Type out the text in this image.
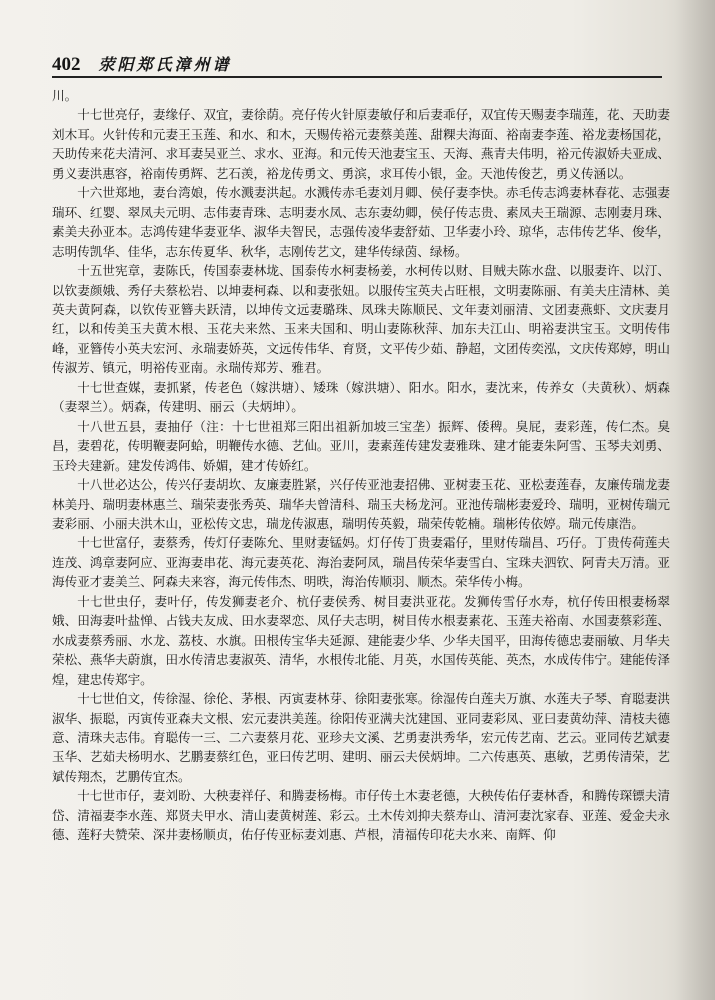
402 荥阳郑氏漳州谱

川。

十七世亮仔，妻缘仔、双宜，妻徐荫。亮仔传火针原妻敏仔和后妻乖仔，双宜传天赐妻李瑞莲，花、天助妻刘木耳。火针传和元妻王玉莲、和水、和木，天赐传裕元妻蔡美莲、甜粿夫海面、裕南妻李莲、裕龙妻杨国花，天助传来花夫清河、求耳妻吴亚兰、求水、亚海。和元传天池妻宝玉、天海、燕青夫伟明，裕元传淑娇夫亚成、勇义妻洪惠容，裕南传勇辉、艺石羡，裕龙传勇文、勇滨，求耳传小银，金。天池传俊艺，勇义传涵以。

十六世郑地，妻台湾娘，传水溅妻洪起。水溅传赤毛妻刘月卿、侯仔妻李快。赤毛传志鸿妻林春花、志强妻瑞环、红婴、翠凤夫元明、志伟妻青珠、志明妻水凤、志东妻幼卿，侯仔传志贵、素凤夫王瑞源、志刚妻月珠、素美夫孙亚本。志鸿传建华妻亚华、淑华夫智民，志强传凌华妻舒茹、卫华妻小玲、琼华，志伟传艺华、俊华，志明传凯华、佳华，志东传夏华、秋华，志刚传艺文，建华传绿茵、绿杨。

十五世宪章，妻陈氏，传国泰妻林垅、国泰传水柯妻杨姜，水柯传以财、目贼夫陈水盘、以服妻许、以汀、以钦妻颜娥、秀仔夫蔡松岩、以坤妻柯森、以和妻张妞。以服传宝英夫占旺根，文明妻陈丽、有美夫庄清林、美英夫黄阿森，以钦传亚簪夫跃清，以坤传文远妻璐珠、凤珠夫陈顺民、文年妻刘丽清、文团妻燕虾、文庆妻月红，以和传美玉夫黄木根、玉花夫来然、玉来夫国和、明山妻陈秋萍、加东夫江山、明裕妻洪宝玉。文明传伟峰，亚簪传小英夫宏河、永瑞妻娇英，文远传伟华、育贤，文平传少茹、静超，文团传奕泓，文庆传郑婷，明山传淑芳、镇元，明裕传亚南。永瑞传郑芳、雅君。

十七世查媒，妻抓紧，传老色（嫁洪塘）、矮珠（嫁洪塘）、阳水。阳水，妻沈来，传养女（夫黄秋）、炳森（妻翠兰）。炳森，传建明、丽云（夫炳坤）。

十八世五县，妻抽仔（注：十七世祖郑三阳出祖新加坡三宝垄）振辉、倭稗。臭屁，妻彩莲，传仁杰。臭昌，妻碧花，传明鞭妻阿蛤，明鞭传水德、艺仙。亚川，妻素莲传建发妻雅珠、建才能妻朱阿雪、玉琴夫刘勇、玉玲夫建新。建发传鸿伟、娇媚，建才传娇红。

十八世必达公，传兴仔妻胡坎、友廉妻胜紧，兴仔传亚池妻招佛、亚树妻玉花、亚松妻莲春，友廉传瑞龙妻林美丹、瑞明妻林惠兰、瑞荣妻张秀英、瑞华夫曾清科、瑞玉夫杨龙河。亚池传瑞彬妻爱玲、瑞明，亚树传瑞元妻彩丽、小丽夫洪木山，亚松传文忠，瑞龙传淑惠，瑞明传英毅，瑞荣传乾楠。瑞彬传依婷。瑞元传康浩。

十七世富仔，妻蔡秀，传灯仔妻陈允、里财妻锰妈。灯仔传丁贵妻霜仔，里财传瑞昌、巧仔。丁贵传荷莲夫连茂、鸿章妻阿应、亚海妻串花、海元妻英花、海治妻阿凤，瑞昌传荣华妻雪白、宝珠夫泗钦、阿青夫万清。亚海传亚才妻美兰、阿森夫来容，海元传伟杰、明昳，海治传顺羽、顺杰。荣华传小梅。

十七世虫仔，妻叶仔，传发狮妻老介、杭仔妻侯秀、树目妻洪亚花。发狮传雪仔水寿，杭仔传田根妻杨翠娥、田海妻叶盐惮、占钱夫友成、田水妻翠恋、凤仔夫志明，树目传水根妻素花、玉莲夫裕南、水国妻蔡彩莲、水成妻蔡秀丽、水龙、荔枝、水旗。田根传宝华夫延源、建能妻少华、少华夫国平，田海传德忠妻丽敏、月华夫荣松、燕华夫蔚旗，田水传清忠妻淑英、清华，水根传北能、月英，水国传英能、英杰，水成传伟宁。建能传泽煌，建忠传郑宇。

十七世伯文，传徐湿、徐伦、茅根、丙寅妻林芽、徐阳妻张寒。徐湿传白莲夫万旗、水莲夫子琴、育聪妻洪淑华、振聪，丙寅传亚森夫文根、宏元妻洪美莲。徐阳传亚满夫沈建国、亚同妻彩凤、亚曰妻黄幼萍、清枝夫德意、清珠夫志伟。育聪传一三、二六妻蔡月花、亚珍夫文溪、艺勇妻洪秀华，宏元传艺南、艺云。亚同传艺斌妻玉华、艺茹夫杨明水、艺鹏妻蔡红色，亚曰传艺明、建明、丽云夫侯炳坤。二六传惠英、惠敏，艺勇传清荣，艺斌传翔杰，艺鹏传宜杰。

十七世市仔，妻刘盼、大秧妻祥仔、和腾妻杨梅。市仔传土木妻老德，大秧传佑仔妻林香，和腾传琛镖夫清岱、清福妻李水莲、郑贤夫甲水、清山妻黄树莲、彩云。土木传刘抑夫蔡寿山、清河妻沈家春、亚莲、爱金夫永德、莲籽夫赞荣、深井妻杨顺贞，佑仔传亚标妻刘惠、芦根，清福传印花夫水来、南辉、仰
